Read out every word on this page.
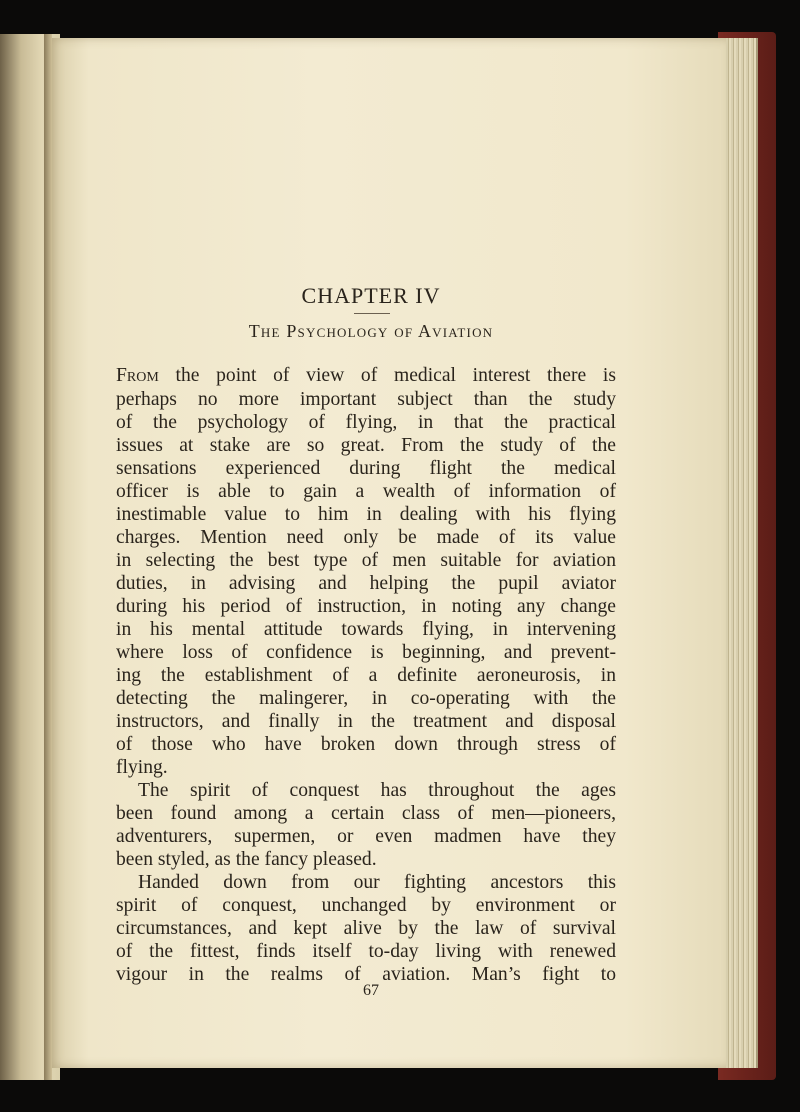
CHAPTER IV
The Psychology of Aviation
From the point of view of medical interest there is
perhaps no more important subject than the study
of the psychology of flying, in that the practical
issues at stake are so great. From the study of the
sensations experienced during flight the medical
officer is able to gain a wealth of information of
inestimable value to him in dealing with his flying
charges. Mention need only be made of its value
in selecting the best type of men suitable for aviation
duties, in advising and helping the pupil aviator
during his period of instruction, in noting any change
in his mental attitude towards flying, in intervening
where loss of confidence is beginning, and prevent-
ing the establishment of a definite aeroneurosis, in
detecting the malingerer, in co-operating with the
instructors, and finally in the treatment and disposal
of those who have broken down through stress of
flying.
The spirit of conquest has throughout the ages
been found among a certain class of men—pioneers,
adventurers, supermen, or even madmen have they
been styled, as the fancy pleased.
Handed down from our fighting ancestors this
spirit of conquest, unchanged by environment or
circumstances, and kept alive by the law of survival
of the fittest, finds itself to-day living with renewed
vigour in the realms of aviation. Man’s fight to
67
